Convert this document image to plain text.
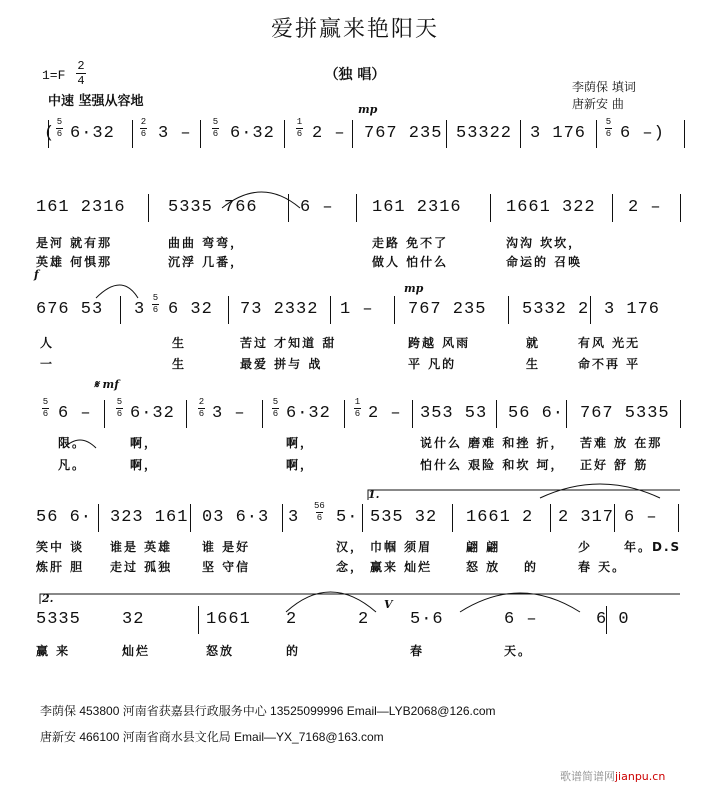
爱拼赢来艳阳天
（独 唱）
1=F
2
4
中速 坚强从容地
李荫保 填词
唐新安 曲
mp
f
mp
𝄋 mf
1.
2.	V
( 6·32	3 – 6·32 2 – 767 235 53322 3 176 6 –)
5
6
2
6
5
6
1
6
5
6
161 2316 5335 766 6 – 161 2316	1661 322 2 –
676 53 3 6 32 73 2332 1 – 767 235 5332 2 3 176
5
6
6 – 6·32 3 – 6·32 2 – 353 53 56 6· 767 5335
5
6
5
6
2
6
5
6
1
6
56 6· 323 161 03 6·3 3 5· 535 32 1661 2 2 317 6 –
56
6
5335 32	1661 2	2 5·6	6 –	6 0
是河 就有那	曲曲 弯弯，	走路 免不了	沟沟 坎坎，
英雄 何惧那	沉浮 几番，	做人 怕什么	命运的 召唤
人	生	苦过 才知道 甜	跨越 风雨	就	有风 光无
一	生	最爱 拼与 战	平 凡的	生	命不再 平
限。	啊，	啊，	说什么 磨难 和挫 折， 苦难 放 在那
凡。	啊，	啊，	怕什么 艰险 和坎 坷， 正好 舒 筋
笑中 谈 谁是 英雄 谁 是好	汉， 巾帼 须眉	翩 翩	少	年。D.S
炼肝 胆 走过 孤独 坚 守信	念， 赢来 灿烂	怒 放 的	春 天。
赢 来	灿烂	怒放	的	春	天。
李荫保 453800 河南省获嘉县行政服务中心 13525099996 Email—LYB2068@126.com
唐新安 466100 河南省商水县文化局 Email—YX_7168@163.com
歌谱简谱网jianpu.cn
